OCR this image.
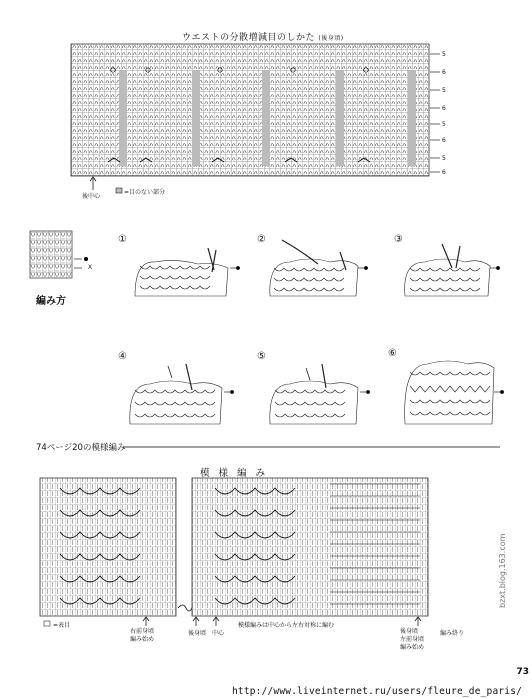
ウエストの分散増減目のしかた (後身頃)
後中心
=目のない部分
5
6
5
6
5
6
5
6
編み方
X
①	②	③
④	⑤	⑥
74ページ20の模様編み
模 様 編 み
=表目
右前身頃
編み始め
後身頃 中心
模様編みは中心から左右対称に編む
後身頃
左前身頃
編み始め
編み終り
bzxt.blog.163.com
73
http://www.liveinternet.ru/users/fleure_de_paris/
